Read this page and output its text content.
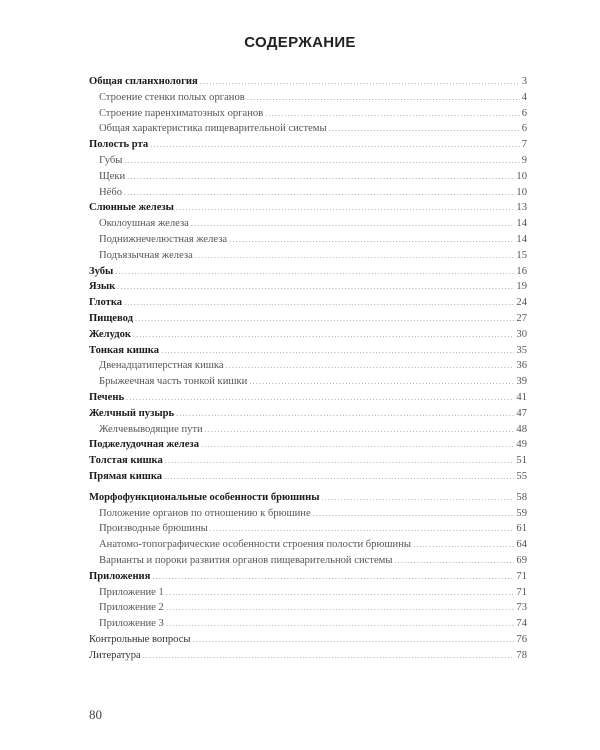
СОДЕРЖАНИЕ
Общая спланхнология .....	3
Строение стенки полых органов .....	4
Строение паренхиматозных органов .....	6
Общая характеристика пищеварительной системы .....	6
Полость рта .....	7
Губы .....	9
Щеки .....	10
Нёбо .....	10
Слюнные железы .....	13
Околоушная железа .....	14
Поднижнечелюстная железа .....	14
Подъязычная железа .....	15
Зубы .....	16
Язык .....	19
Глотка .....	24
Пищевод .....	27
Желудок .....	30
Тонкая кишка .....	35
Двенадцатиперстная кишка .....	36
Брыжеечная часть тонкой кишки .....	39
Печень .....	41
Желчный пузырь .....	47
Желчевыводящие пути .....	48
Поджелудочная железа .....	49
Толстая кишка .....	51
Прямая кишка .....	55
Морфофункциональные особенности брюшины .....	58
Положение органов по отношению к брюшине .....	59
Производные брюшины .....	61
Анатомо-топографические особенности строения полости брюшины .....	64
Варианты и пороки развития органов пищеварительной системы .....	69
Приложения .....	71
Приложение 1 .....	71
Приложение 2 .....	73
Приложение 3 .....	74
Контрольные вопросы .....	76
Литература .....	78
80
